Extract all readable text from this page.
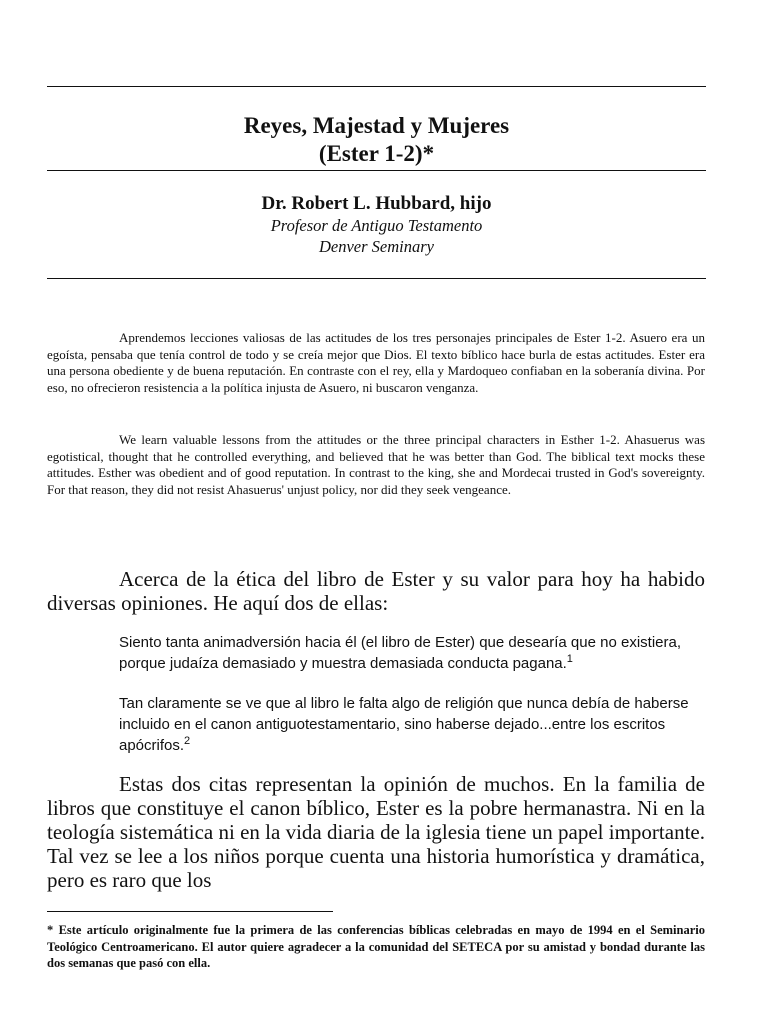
Reyes, Majestad y Mujeres
(Ester 1-2)*
Dr. Robert L. Hubbard, hijo
Profesor de Antiguo Testamento
Denver Seminary

Aprendemos lecciones valiosas de las actitudes de los tres personajes principales de Ester 1-2. Asuero era un egoísta, pensaba que tenía control de todo y se creía mejor que Dios. El texto bíblico hace burla de estas actitudes. Ester era una persona obediente y de buena reputación. En contraste con el rey, ella y Mardoqueo confiaban en la soberanía divina. Por eso, no ofrecieron resistencia a la política injusta de Asuero, ni buscaron venganza.

We learn valuable lessons from the attitudes or the three principal characters in Esther 1-2. Ahasuerus was egotistical, thought that he controlled everything, and believed that he was better than God. The biblical text mocks these attitudes. Esther was obedient and of good reputation. In contrast to the king, she and Mordecai trusted in God's sovereignty. For that reason, they did not resist Ahasuerus' unjust policy, nor did they seek vengeance.

Acerca de la ética del libro de Ester y su valor para hoy ha habido diversas opiniones. He aquí dos de ellas:

Siento tanta animadversión hacia él (el libro de Ester) que desearía que no existiera, porque judaíza demasiado y muestra demasiada conducta pagana.$^1$

Tan claramente se ve que al libro le falta algo de religión que nunca debía de haberse incluido en el canon antiguotestamentario, sino haberse dejado...entre los escritos apócrifos.$^2$

Estas dos citas representan la opinión de muchos. En la familia de libros que constituye el canon bíblico, Ester es la pobre hermanastra. Ni en la teología sistemática ni en la vida diaria de la iglesia tiene un papel importante. Tal vez se lee a los niños porque cuenta una historia humorística y dramática, pero es raro que los

* Este artículo originalmente fue la primera de las conferencias bíblicas celebradas en mayo de 1994 en el Seminario Teológico Centroamericano. El autor quiere agradecer a la comunidad del SETECA por su amistad y bondad durante las dos semanas que pasó con ella.
